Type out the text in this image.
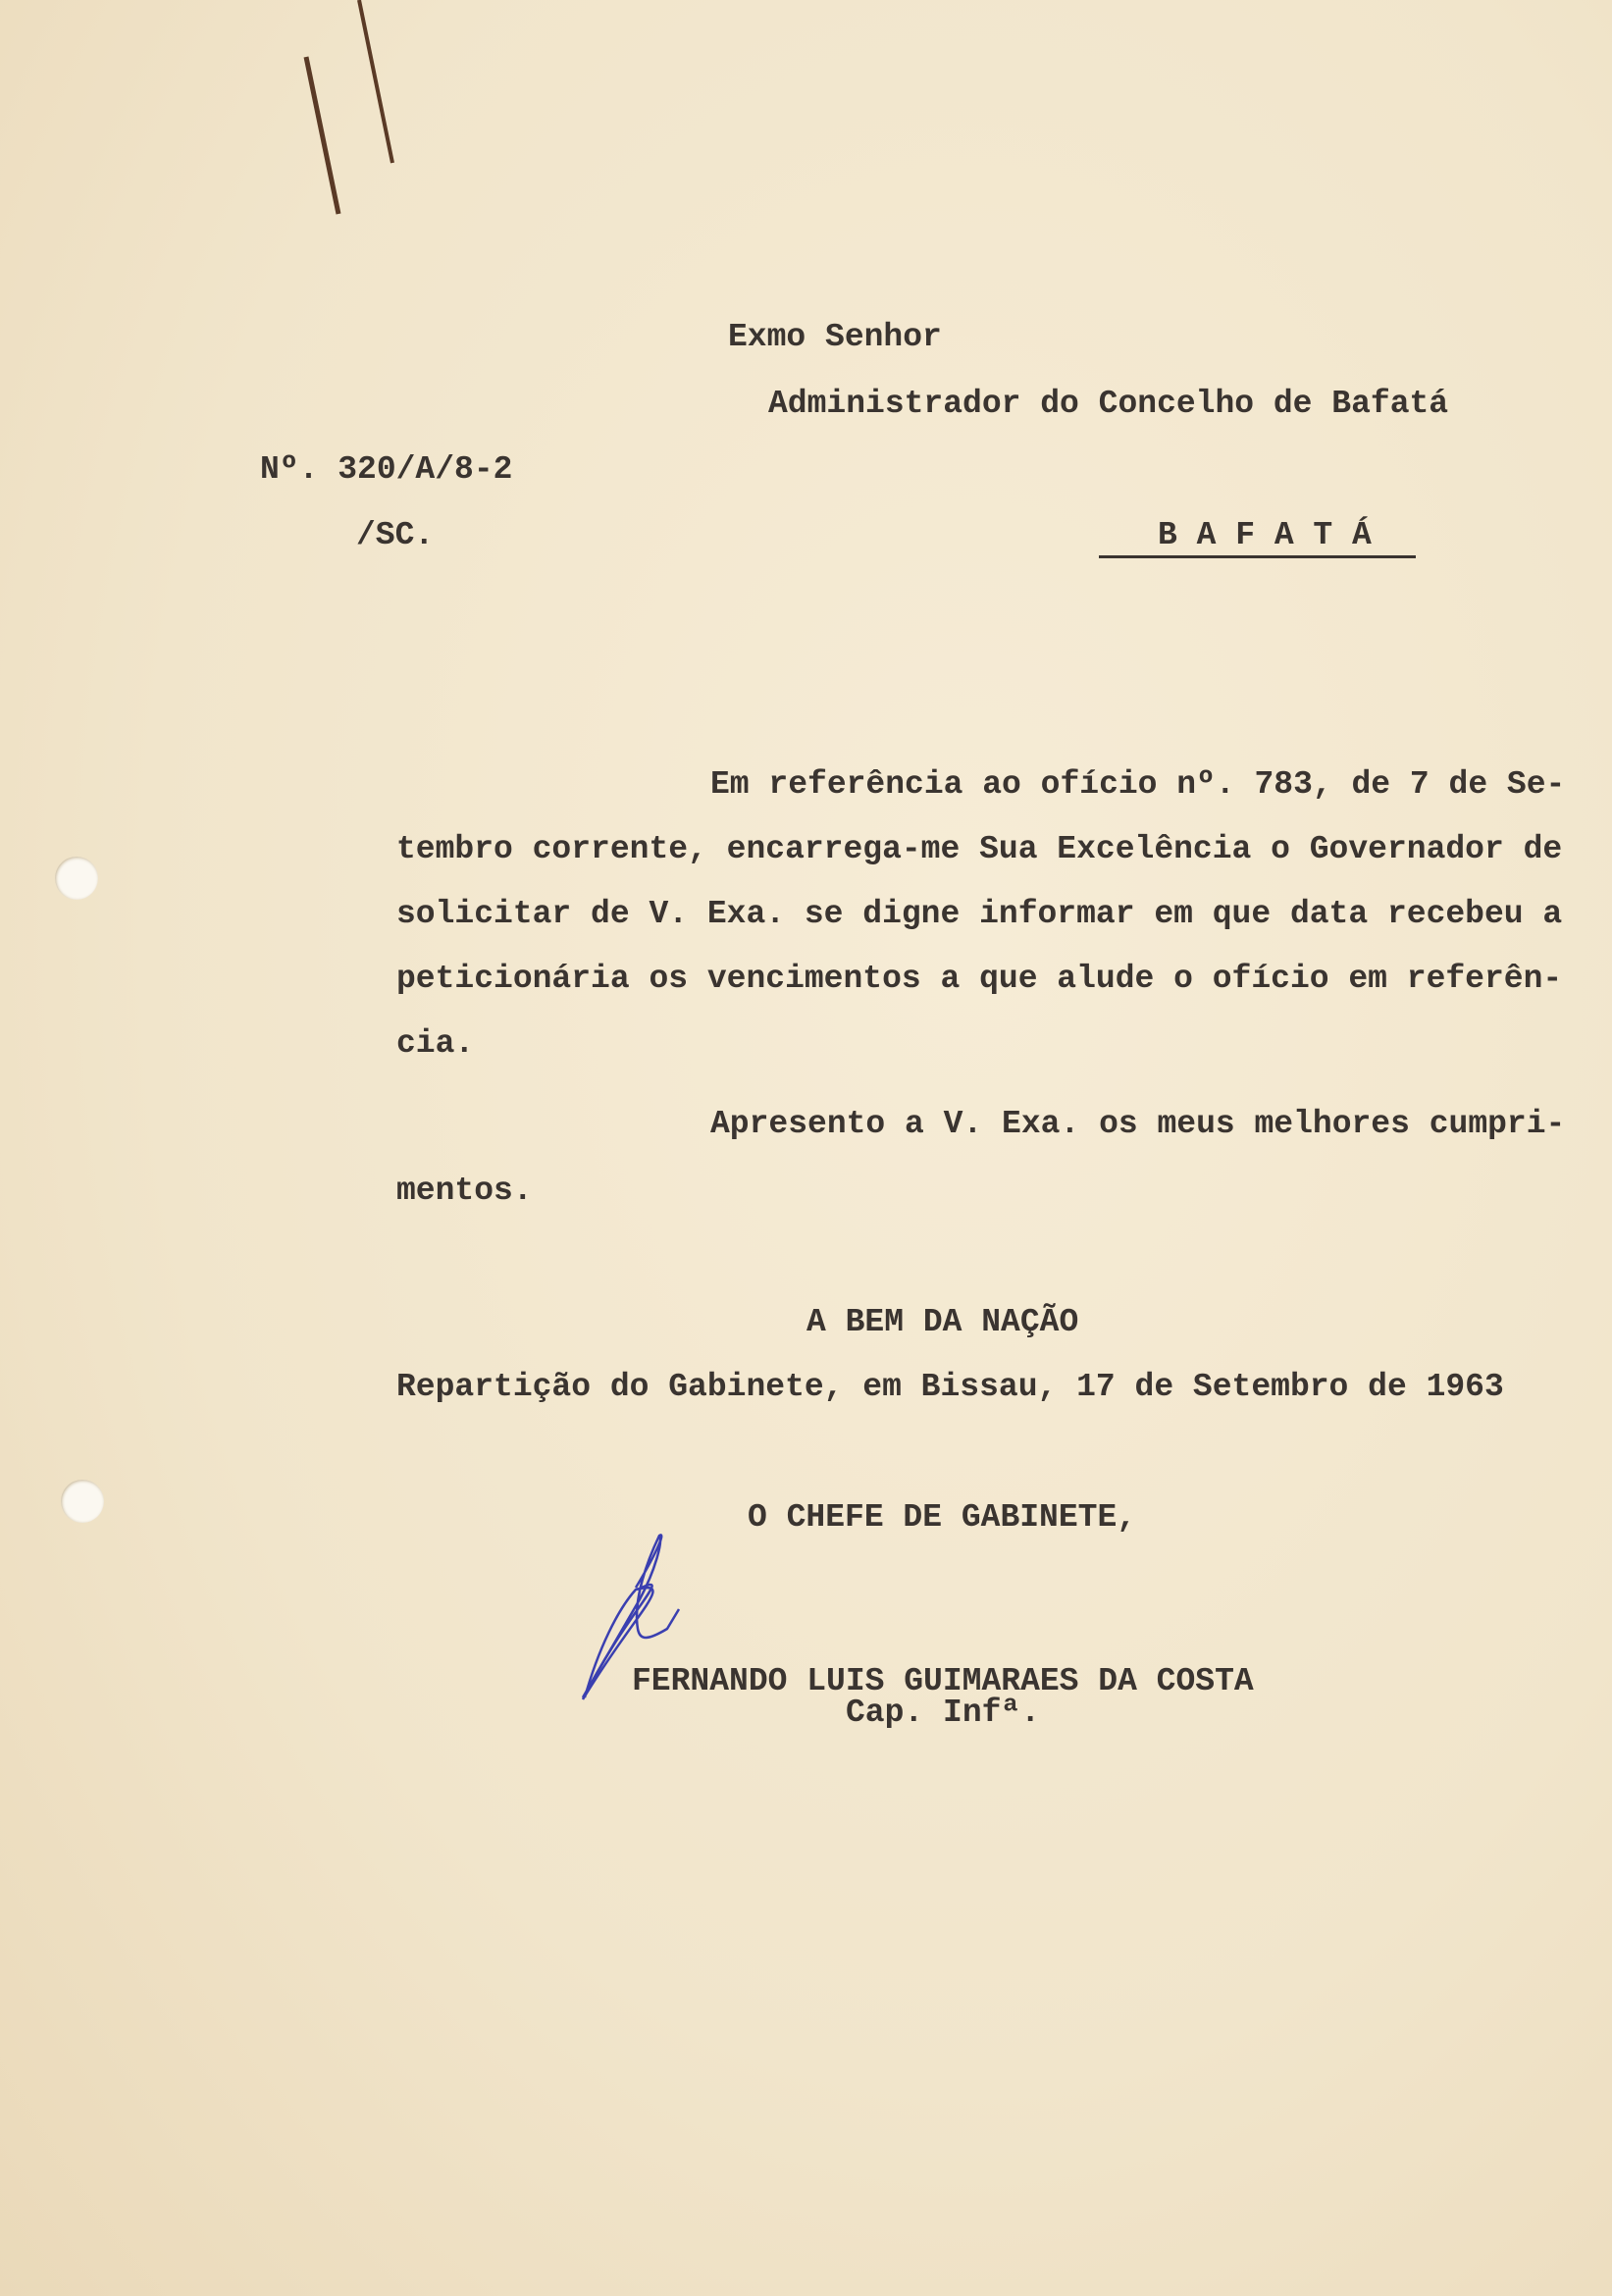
Exmo Senhor
Administrador do Concelho de Bafatá
Nº. 320/A/8-2
/SC.	B A F A T Á
Em referência ao ofício nº. 783, de 7 de Se-
tembro corrente, encarrega-me Sua Excelência o Governador de
solicitar de V. Exa. se digne informar em que data recebeu a
peticionária os vencimentos a que alude o ofício em referên-
cia.
Apresento a V. Exa. os meus melhores cumpri-
mentos.
A BEM DA NAÇÃO
Repartição do Gabinete, em Bissau, 17 de Setembro de 1963
O CHEFE DE GABINETE,
FERNANDO LUIS GUIMARAES DA COSTA
Cap. Infª.
